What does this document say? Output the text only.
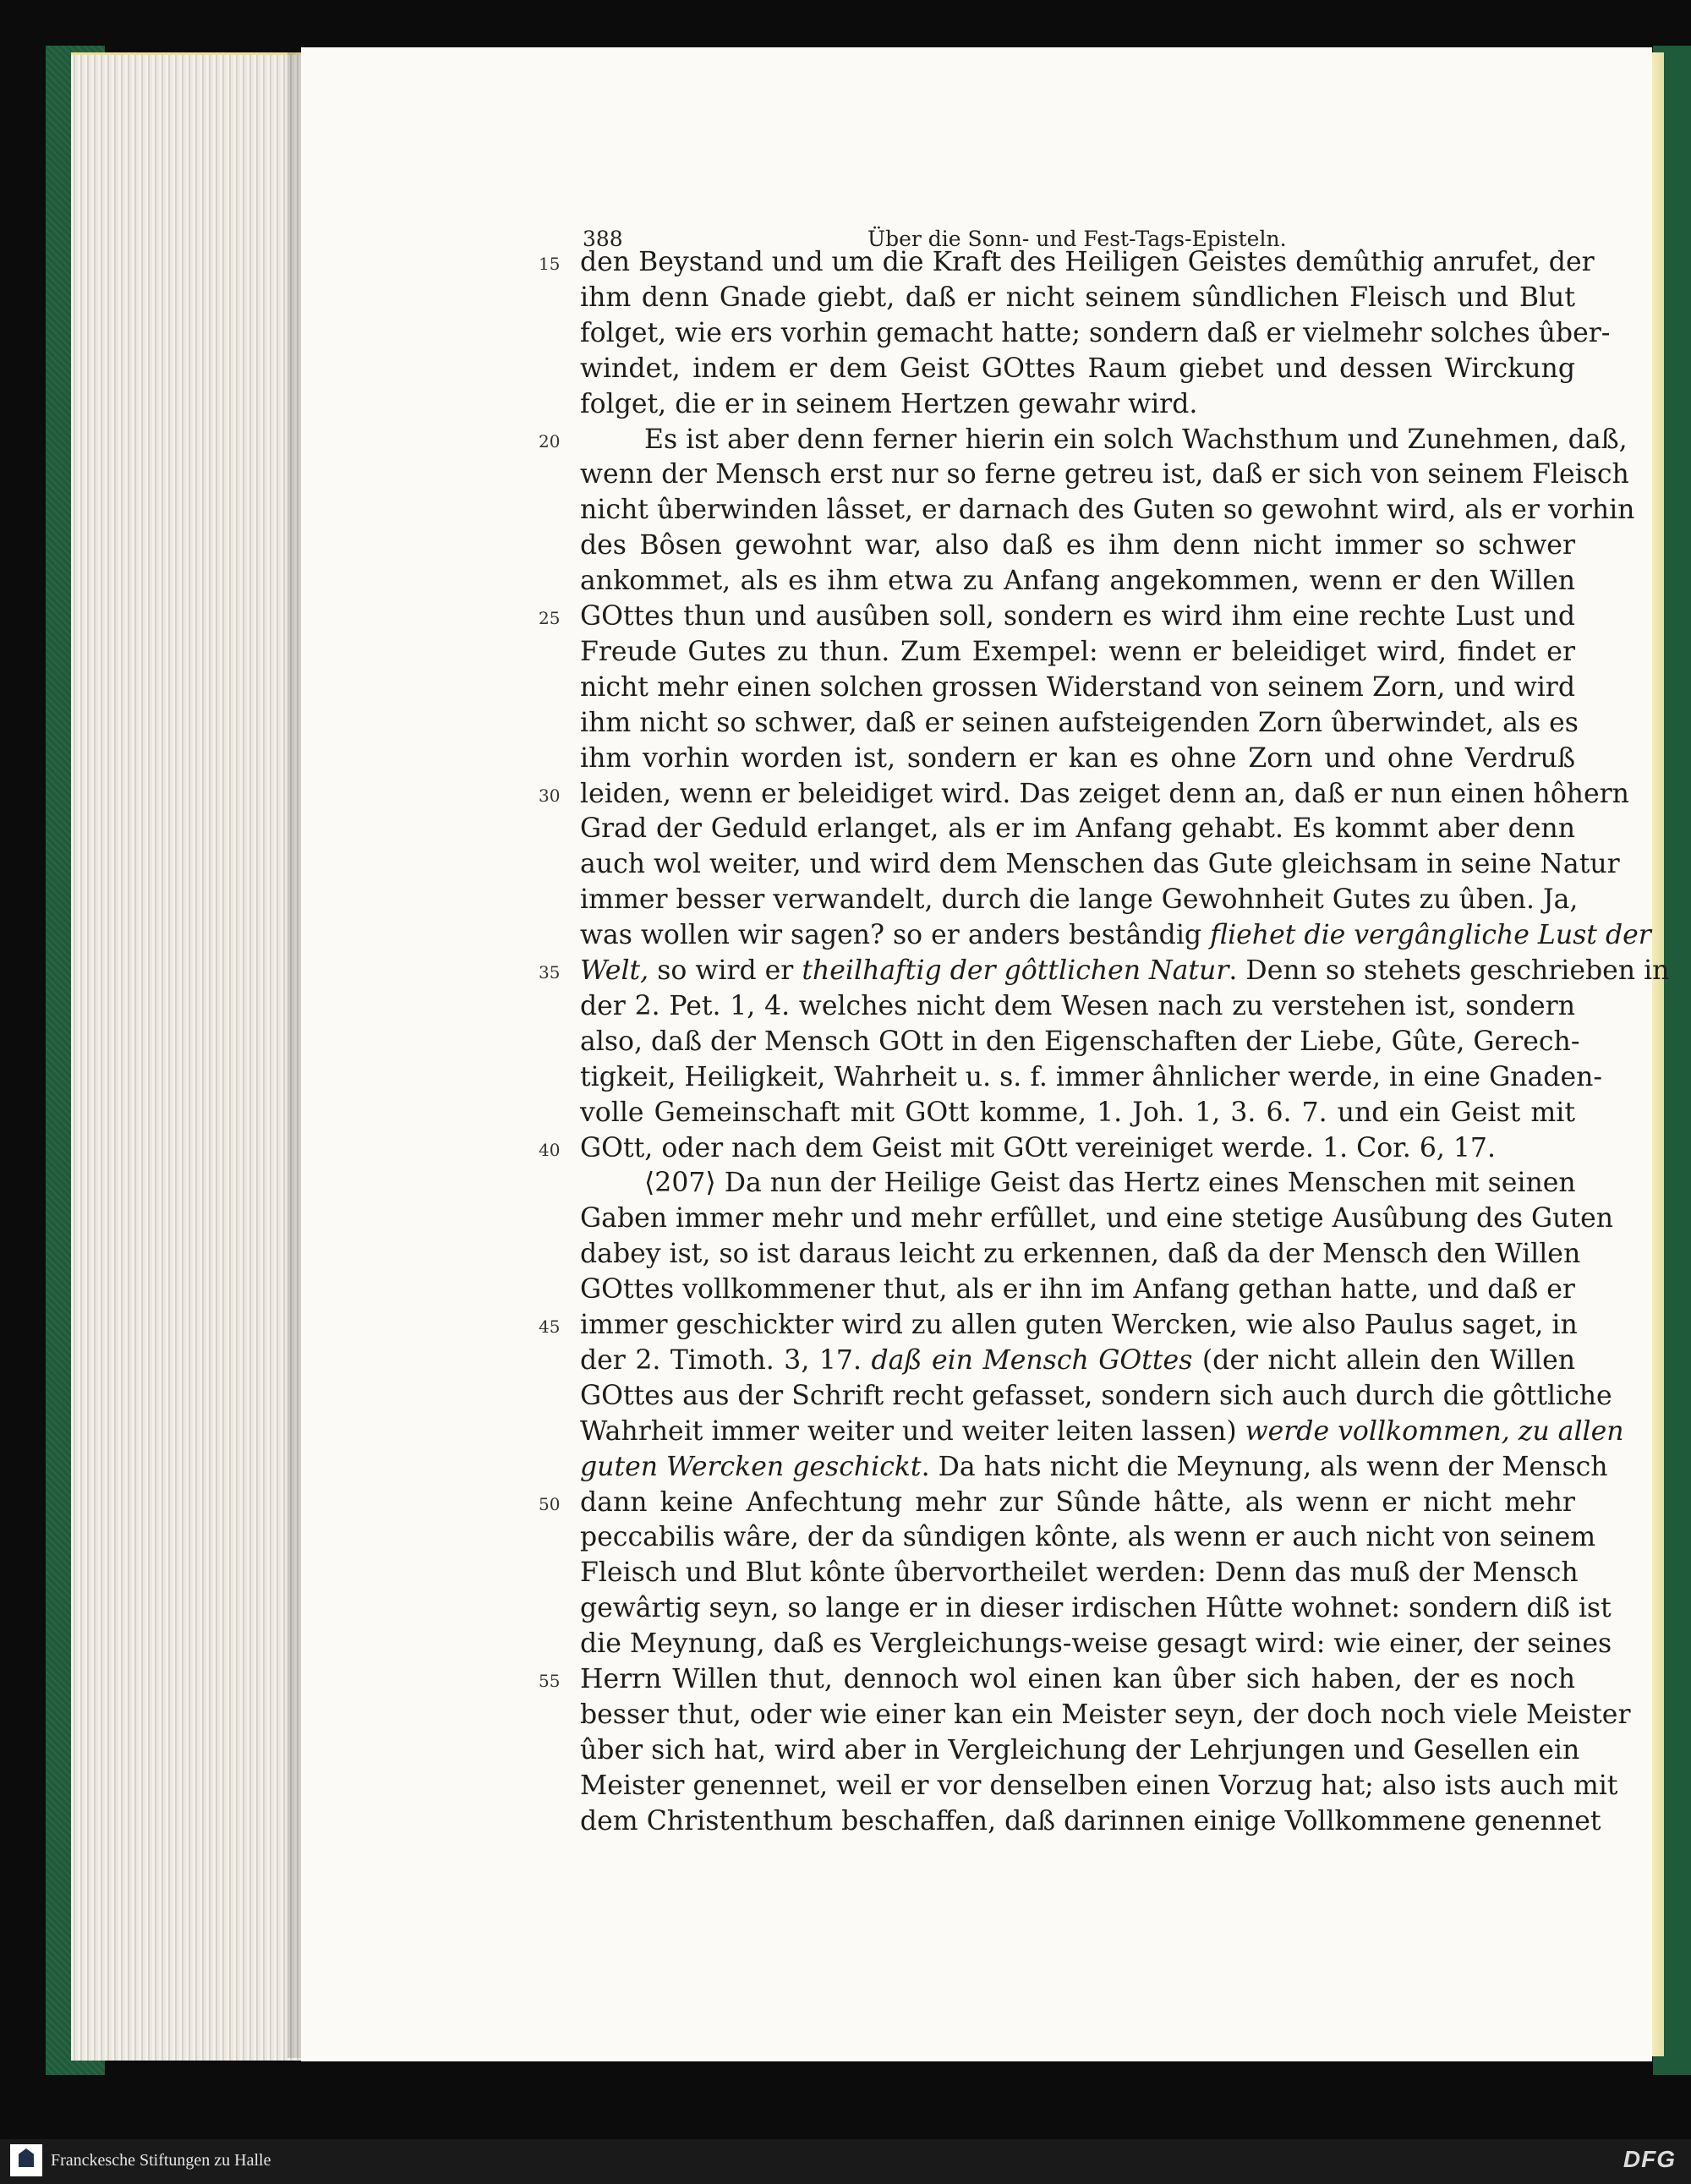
388	Über die Sonn- und Fest-Tags-Episteln.
den Beystand und um die Kraft des Heiligen Geistes demûthig anrufet, der
ihm denn Gnade giebt, daß er nicht seinem sûndlichen Fleisch und Blut
folget, wie ers vorhin gemacht hatte; sondern daß er vielmehr solches ûber-
windet, indem er dem Geist GOttes Raum giebet und dessen Wirckung
folget, die er in seinem Hertzen gewahr wird.
Es ist aber denn ferner hierin ein solch Wachsthum und Zunehmen, daß,
wenn der Mensch erst nur so ferne getreu ist, daß er sich von seinem Fleisch
nicht ûberwinden lâsset, er darnach des Guten so gewohnt wird, als er vorhin
des Bôsen gewohnt war, also daß es ihm denn nicht immer so schwer
ankommet, als es ihm etwa zu Anfang angekommen, wenn er den Willen
GOttes thun und ausûben soll, sondern es wird ihm eine rechte Lust und
Freude Gutes zu thun. Zum Exempel: wenn er beleidiget wird, findet er
nicht mehr einen solchen grossen Widerstand von seinem Zorn, und wird
ihm nicht so schwer, daß er seinen aufsteigenden Zorn ûberwindet, als es
ihm vorhin worden ist, sondern er kan es ohne Zorn und ohne Verdruß
leiden, wenn er beleidiget wird. Das zeiget denn an, daß er nun einen hôhern
Grad der Geduld erlanget, als er im Anfang gehabt. Es kommt aber denn
auch wol weiter, und wird dem Menschen das Gute gleichsam in seine Natur
immer besser verwandelt, durch die lange Gewohnheit Gutes zu ûben. Ja,
was wollen wir sagen? so er anders bestândig fliehet die vergângliche Lust der
Welt, so wird er theilhaftig der gôttlichen Natur. Denn so stehets geschrieben in
der 2. Pet. 1, 4. welches nicht dem Wesen nach zu verstehen ist, sondern
also, daß der Mensch GOtt in den Eigenschaften der Liebe, Gûte, Gerech-
tigkeit, Heiligkeit, Wahrheit u. s. f. immer âhnlicher werde, in eine Gnaden-
volle Gemeinschaft mit GOtt komme, 1. Joh. 1, 3. 6. 7. und ein Geist mit
GOtt, oder nach dem Geist mit GOtt vereiniget werde. 1. Cor. 6, 17.
⟨207⟩ Da nun der Heilige Geist das Hertz eines Menschen mit seinen
Gaben immer mehr und mehr erfûllet, und eine stetige Ausûbung des Guten
dabey ist, so ist daraus leicht zu erkennen, daß da der Mensch den Willen
GOttes vollkommener thut, als er ihn im Anfang gethan hatte, und daß er
immer geschickter wird zu allen guten Wercken, wie also Paulus saget, in
der 2. Timoth. 3, 17. daß ein Mensch GOttes (der nicht allein den Willen
GOttes aus der Schrift recht gefasset, sondern sich auch durch die gôttliche
Wahrheit immer weiter und weiter leiten lassen) werde vollkommen, zu allen
guten Wercken geschickt. Da hats nicht die Meynung, als wenn der Mensch
dann keine Anfechtung mehr zur Sûnde hâtte, als wenn er nicht mehr
peccabilis wâre, der da sûndigen kônte, als wenn er auch nicht von seinem
Fleisch und Blut kônte ûbervortheilet werden: Denn das muß der Mensch
gewârtig seyn, so lange er in dieser irdischen Hûtte wohnet: sondern diß ist
die Meynung, daß es Vergleichungs-weise gesagt wird: wie einer, der seines
Herrn Willen thut, dennoch wol einen kan ûber sich haben, der es noch
besser thut, oder wie einer kan ein Meister seyn, der doch noch viele Meister
ûber sich hat, wird aber in Vergleichung der Lehrjungen und Gesellen ein
Meister genennet, weil er vor denselben einen Vorzug hat; also ists auch mit
dem Christenthum beschaffen, daß darinnen einige Vollkommene genennet
15
20
25
30
35
40
45
50
55
Franckesche Stiftungen zu Halle	DFG
